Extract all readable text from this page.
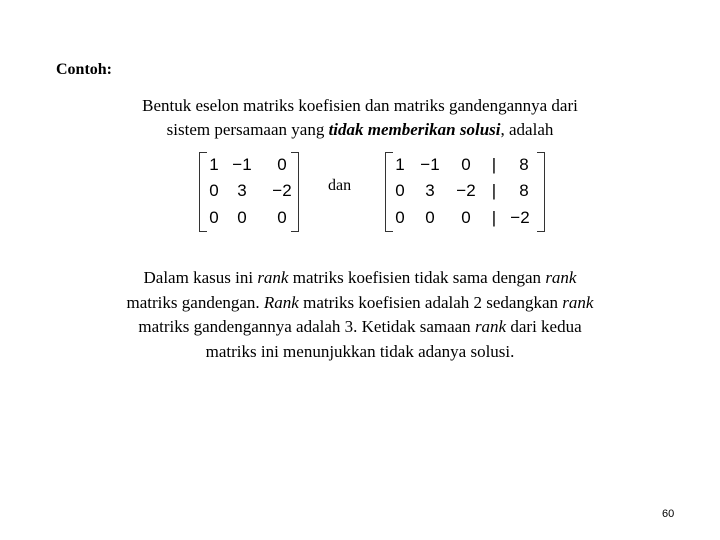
Contoh:
Bentuk eselon matriks koefisien dan matriks gandengannya dari
sistem persamaan yang tidak memberikan solusi, adalah
1 −1	0
0	3	−2
0	0	0
dan
1 −1	0	|	8
0	3	−2 |	8
0	0	0	| −2
Dalam kasus ini rank matriks koefisien tidak sama dengan rank matriks gandengan. Rank matriks koefisien adalah 2 sedangkan rank matriks gandengannya adalah 3. Ketidak samaan rank dari kedua matriks ini menunjukkan tidak adanya solusi.
60
